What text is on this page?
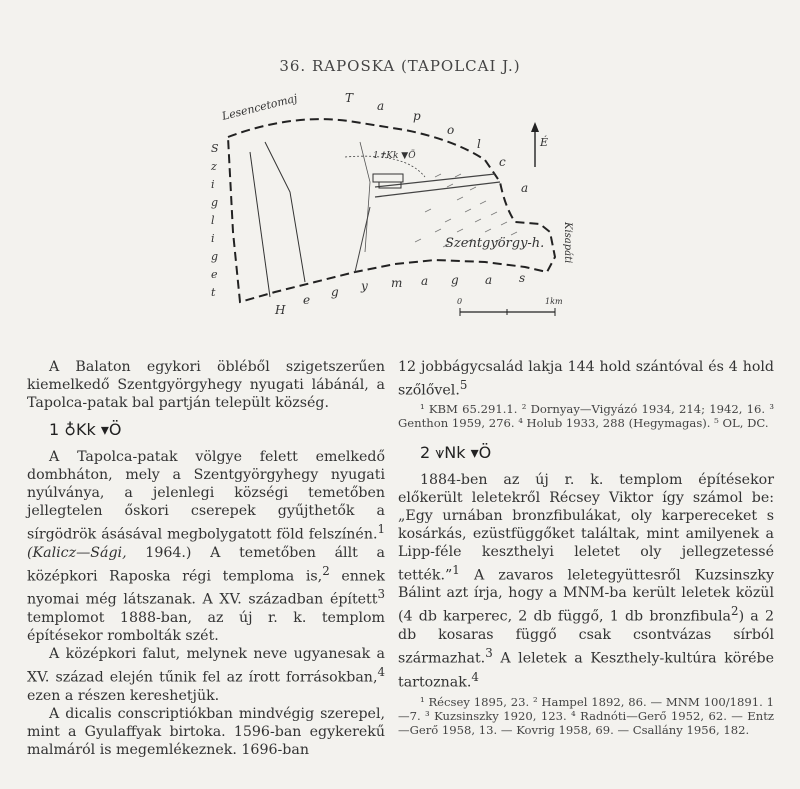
36. RAPOSKA (TAPOLCAI J.)
É
0	1km
Lesencetomaj	T
a
p
o
l
c
a
S
z
i
g
l
i
g
e
t
H
e
g y m a g a s
1✝Kk ▼Ö
Szentgyörgy-h. Kisapáti

A Balaton egykori öbléből szigetszerűen kiemelkedő Szentgyörgyhegy nyugati lábánál, a Tapolca-patak bal partján települt község.

1 ♁Kk ▾Ö

A Tapolca-patak völgye felett emelkedő dombháton, mely a Szentgyörgyhegy nyugati nyúlványa, a jelenlegi községi temetőben jellegtelen őskori cserepek gyűjthetők a sírgödrök ásásával megbolygatott föld felszínén.$^1$ (Kalicz—Sági, 1964.) A temetőben állt a középkori Raposka régi temploma is,$^2$ ennek nyomai még látszanak. A XV. században épített$^3$ templomot 1888-ban, az új r. k. templom építésekor rombolták szét.

A középkori falut, melynek neve ugyanesak a XV. század elején tűnik fel az írott forrásokban,$^4$ ezen a részen kereshetjük.

A dicalis conscriptiókban mindvégig szerepel, mint a Gyulaffyak birtoka. 1596-ban egykerekű malmáról is megemlékeznek. 1696-ban

12 jobbágycsalád lakja 144 hold szántóval és 4 hold szőlővel.$^5$

¹ KBM 65.291.1. ² Dornyay—Vigyázó 1934, 214; 1942, 16. ³ Genthon 1959, 276. ⁴ Holub 1933, 288 (Hegymagas). ⁵ OL, DC.

2 ⩛Nk ▾Ö

1884-ben az új r. k. templom építésekor előkerült leletekről Récsey Viktor így számol be: „Egy urnában bronzfibulákat, oly karpereceket s kosárkás, ezüstfüggőket találtak, mint amilyenek a Lipp-féle keszthelyi leletet oly jellegzetessé tették.”$^1$ A zavaros leletegyüttesről Kuzsinszky Bálint azt írja, hogy a MNM-ba került leletek közül (4 db karperec, 2 db függő, 1 db bronzfibula$^2$) a 2 db kosaras függő csak csontvázas sírból származhat.$^3$ A leletek a Keszthely-kultúra körébe tartoznak.$^4$

¹ Récsey 1895, 23. ² Hampel 1892, 86. — MNM 100/1891. 1—7. ³ Kuzsinszky 1920, 123. ⁴ Radnóti—Gerő 1952, 62. — Entz—Gerő 1958, 13. — Kovrig 1958, 69. — Csallány 1956, 182.
